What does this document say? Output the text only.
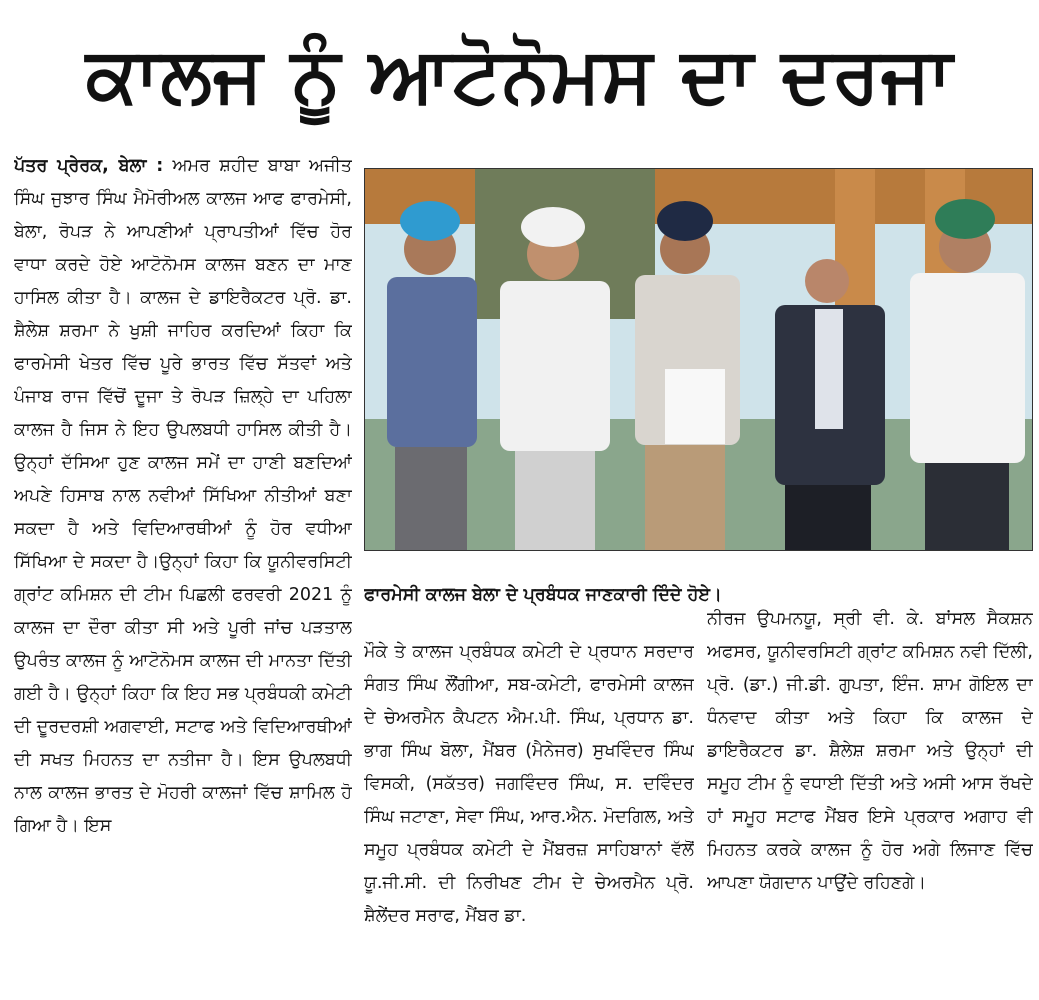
ਕਾਲਜ ਨੂੰ ਆਟੋਨੋਮਸ ਦਾ ਦਰਜਾ
ਪੱਤਰ ਪ੍ਰੇਰਕ, ਬੇਲਾ : ਅਮਰ ਸ਼ਹੀਦ ਬਾਬਾ ਅਜੀਤ ਸਿੰਘ ਜੁਝਾਰ ਸਿੰਘ ਮੈਮੋਰੀਅਲ ਕਾਲਜ ਆਫ ਫਾਰਮੇਸੀ, ਬੇਲਾ, ਰੋਪੜ ਨੇ ਆਪਣੀਆਂ ਪ੍ਰਾਪਤੀਆਂ ਵਿੱਚ ਹੋਰ ਵਾਧਾ ਕਰਦੇ ਹੋਏ ਆਟੋਨੋਮਸ ਕਾਲਜ ਬਣਨ ਦਾ ਮਾਣ ਹਾਸਿਲ ਕੀਤਾ ਹੈ। ਕਾਲਜ ਦੇ ਡਾਇਰੈਕਟਰ ਪ੍ਰੋ. ਡਾ. ਸ਼ੈਲੇਸ਼ ਸ਼ਰਮਾ ਨੇ ਖੁਸ਼ੀ ਜਾਹਿਰ ਕਰਦਿਆਂ ਕਿਹਾ ਕਿ ਫਾਰਮੇਸੀ ਖੇਤਰ ਵਿੱਚ ਪੂਰੇ ਭਾਰਤ ਵਿੱਚ ਸੱਤਵਾਂ ਅਤੇ ਪੰਜਾਬ ਰਾਜ ਵਿੱਚੋਂ ਦੂਜਾ ਤੇ ਰੋਪੜ ਜ਼ਿਲ੍ਹੇ ਦਾ ਪਹਿਲਾ ਕਾਲਜ ਹੈ ਜਿਸ ਨੇ ਇਹ ਉਪਲਬਧੀ ਹਾਸਿਲ ਕੀਤੀ ਹੈ। ਉਨ੍ਹਾਂ ਦੱਸਿਆ ਹੁਣ ਕਾਲਜ ਸਮੇਂ ਦਾ ਹਾਣੀ ਬਣਦਿਆਂ ਅਪਣੇ ਹਿਸਾਬ ਨਾਲ ਨਵੀਆਂ ਸਿੱਖਿਆ ਨੀਤੀਆਂ ਬਣਾ ਸਕਦਾ ਹੈ ਅਤੇ ਵਿਦਿਆਰਥੀਆਂ ਨੂੰ ਹੋਰ ਵਧੀਆ ਸਿੱਖਿਆ ਦੇ ਸਕਦਾ ਹੈ।ਉਨ੍ਹਾਂ ਕਿਹਾ ਕਿ ਯੂਨੀਵਰਸਿਟੀ ਗ੍ਰਾਂਟ ਕਮਿਸ਼ਨ ਦੀ ਟੀਮ ਪਿਛਲੀ ਫਰਵਰੀ 2021 ਨੂੰ ਕਾਲਜ ਦਾ ਦੌਰਾ ਕੀਤਾ ਸੀ ਅਤੇ ਪੂਰੀ ਜਾਂਚ ਪੜਤਾਲ ਉਪਰੰਤ ਕਾਲਜ ਨੂੰ ਆਟੋਨੋਮਸ ਕਾਲਜ ਦੀ ਮਾਨਤਾ ਦਿੱਤੀ ਗਈ ਹੈ। ਉਨ੍ਹਾਂ ਕਿਹਾ ਕਿ ਇਹ ਸਭ ਪ੍ਰਬੰਧਕੀ ਕਮੇਟੀ ਦੀ ਦੂਰਦਰਸ਼ੀ ਅਗਵਾਈ, ਸਟਾਫ ਅਤੇ ਵਿਦਿਆਰਥੀਆਂ ਦੀ ਸਖਤ ਮਿਹਨਤ ਦਾ ਨਤੀਜਾ ਹੈ। ਇਸ ਉਪਲਬਧੀ ਨਾਲ ਕਾਲਜ ਭਾਰਤ ਦੇ ਮੋਹਰੀ ਕਾਲਜਾਂ ਵਿੱਚ ਸ਼ਾਮਿਲ ਹੋ ਗਿਆ ਹੈ। ਇਸ
ਫਾਰਮੇਸੀ ਕਾਲਜ ਬੇਲਾ ਦੇ ਪ੍ਰਬੰਧਕ ਜਾਣਕਾਰੀ ਦਿੰਦੇ ਹੋਏ।
ਮੌਕੇ ਤੇ ਕਾਲਜ ਪ੍ਰਬੰਧਕ ਕਮੇਟੀ ਦੇ ਪ੍ਰਧਾਨ ਸਰਦਾਰ ਸੰਗਤ ਸਿੰਘ ਲੌਂਗੀਆ, ਸਬ-ਕਮੇਟੀ, ਫਾਰਮੇਸੀ ਕਾਲਜ ਦੇ ਚੇਅਰਮੈਨ ਕੈਪਟਨ ਐਮ.ਪੀ. ਸਿੰਘ, ਪ੍ਰਧਾਨ ਡਾ. ਭਾਗ ਸਿੰਘ ਬੋਲਾ, ਮੈਂਬਰ (ਮੈਨੇਜਰ) ਸੁਖਵਿੰਦਰ ਸਿੰਘ ਵਿਸਕੀ, (ਸਕੱਤਰ) ਜਗਵਿੰਦਰ ਸਿੰਘ, ਸ. ਦਵਿੰਦਰ ਸਿੰਘ ਜਟਾਣਾ, ਸੇਵਾ ਸਿੰਘ, ਆਰ.ਐਨ. ਮੋਦਗਿਲ, ਅਤੇ ਸਮੂਹ ਪ੍ਰਬੰਧਕ ਕਮੇਟੀ ਦੇ ਮੈਂਬਰਜ਼ ਸਾਹਿਬਾਨਾਂ ਵੱਲੋਂ ਯੂ.ਜੀ.ਸੀ. ਦੀ ਨਿਰੀਖਣ ਟੀਮ ਦੇ ਚੇਅਰਮੈਨ ਪ੍ਰੋ. ਸ਼ੈਲੇਂਦਰ ਸਰਾਫ, ਮੈਂਬਰ ਡਾ.
ਨੀਰਜ ਉਪਮਨਯੂ, ਸ੍ਰੀ ਵੀ. ਕੇ. ਬਾਂਸਲ ਸੈਕਸ਼ਨ ਅਫਸਰ, ਯੂਨੀਵਰਸਿਟੀ ਗ੍ਰਾਂਟ ਕਮਿਸ਼ਨ ਨਵੀ ਦਿੱਲੀ, ਪ੍ਰੋ. (ਡਾ.) ਜੀ.ਡੀ. ਗੁਪਤਾ, ਇੰਜ. ਸ਼ਾਮ ਗੋਇਲ ਦਾ ਧੰਨਵਾਦ ਕੀਤਾ ਅਤੇ ਕਿਹਾ ਕਿ ਕਾਲਜ ਦੇ ਡਾਇਰੈਕਟਰ ਡਾ. ਸ਼ੈਲੇਸ਼ ਸ਼ਰਮਾ ਅਤੇ ਉਨ੍ਹਾਂ ਦੀ ਸਮੂਹ ਟੀਮ ਨੂੰ ਵਧਾਈ ਦਿੱਤੀ ਅਤੇ ਅਸੀ ਆਸ ਰੱਖਦੇ ਹਾਂ ਸਮੂਹ ਸਟਾਫ ਮੈਂਬਰ ਇਸੇ ਪ੍ਰਕਾਰ ਅਗਾਹ ਵੀ ਮਿਹਨਤ ਕਰਕੇ ਕਾਲਜ ਨੂੰ ਹੋਰ ਅਗੇ ਲਿਜਾਣ ਵਿੱਚ ਆਪਣਾ ਯੋਗਦਾਨ ਪਾਉਂਦੇ ਰਹਿਣਗੇ।
